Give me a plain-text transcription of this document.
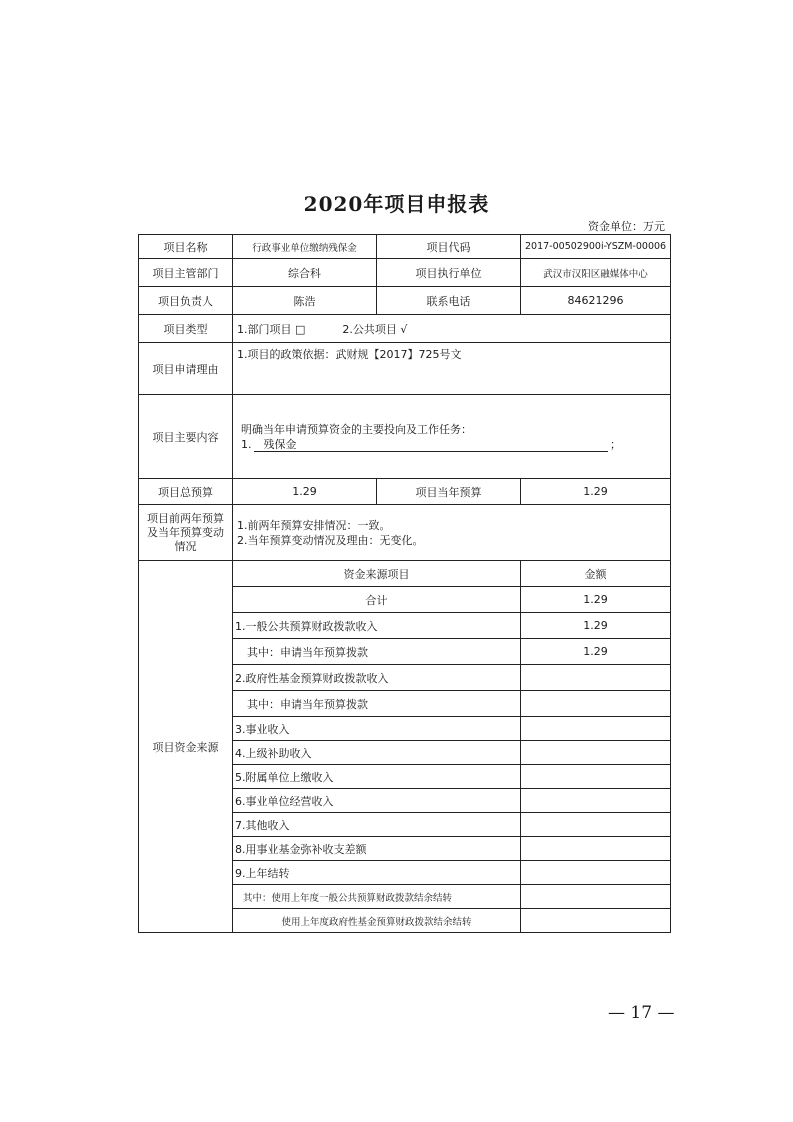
2020年项目申报表
资金单位：万元
项目名称	行政事业单位缴纳残保金	项目代码	2017-00502900i-YSZM-00006
项目主管部门	综合科	项目执行单位	武汉市汉阳区融媒体中心
项目负责人	陈浩	联系电话	84621296
项目类型	1.部门项目 □ 2.公共项目 √		
项目申请理由	1.项目的政策依据：武财规【2017】725号文		
项目主要内容	明确当年申请预算资金的主要投向及工作任务：
1. 残保金 ；		

项目总预算	1.29	项目当年预算	1.29
项目前两年预算及当年预算变动情况	1.前两年预算安排情况：一致。
2.当年预算变动情况及理由：无变化。		

项目资金来源	资金来源项目		金额
	合计		1.29
	1.一般公共预算财政拨款收入		1.29
	其中：申请当年预算拨款		1.29
	2.政府性基金预算财政拨款收入		
	其中：申请当年预算拨款		
	3.事业收入		
	4.上级补助收入		
	5.附属单位上缴收入		
	6.事业单位经营收入		
	7.其他收入		
	8.用事业基金弥补收支差额		
	9.上年结转		
	其中：使用上年度一般公共预算财政拨款结余结转		
	使用上年度政府性基金预算财政拨款结余结转		
— 17 —
